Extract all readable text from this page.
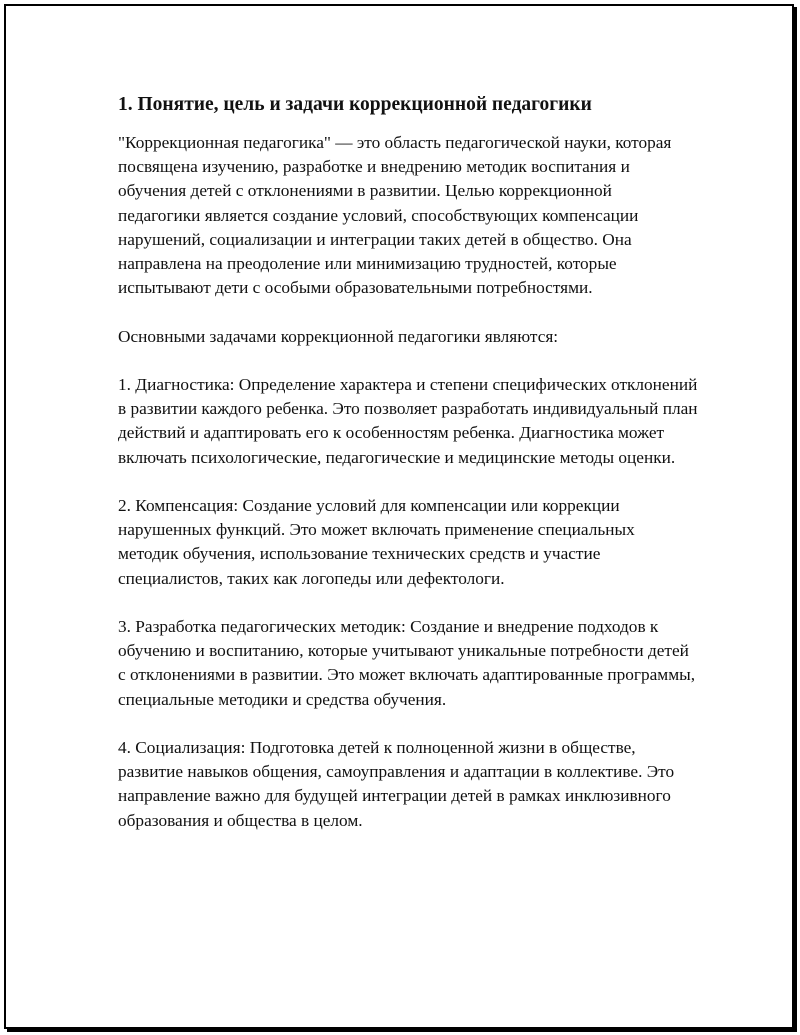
1. Понятие, цель и задачи коррекционной педагогики

"Коррекционная педагогика" — это область педагогической науки, которая посвящена изучению, разработке и внедрению методик воспитания и обучения детей с отклонениями в развитии. Целью коррекционной педагогики является создание условий, способствующих компенсации нарушений, социализации и интеграции таких детей в общество. Она направлена на преодоление или минимизацию трудностей, которые испытывают дети с особыми образовательными потребностями.

Основными задачами коррекционной педагогики являются:

1. Диагностика: Определение характера и степени специфических отклонений в развитии каждого ребенка. Это позволяет разработать индивидуальный план действий и адаптировать его к особенностям ребенка. Диагностика может включать психологические, педагогические и медицинские методы оценки.

2. Компенсация: Создание условий для компенсации или коррекции нарушенных функций. Это может включать применение специальных методик обучения, использование технических средств и участие специалистов, таких как логопеды или дефектологи.

3. Разработка педагогических методик: Создание и внедрение подходов к обучению и воспитанию, которые учитывают уникальные потребности детей с отклонениями в развитии. Это может включать адаптированные программы, специальные методики и средства обучения.

4. Социализация: Подготовка детей к полноценной жизни в обществе, развитие навыков общения, самоуправления и адаптации в коллективе. Это направление важно для будущей интеграции детей в рамках инклюзивного образования и общества в целом.
